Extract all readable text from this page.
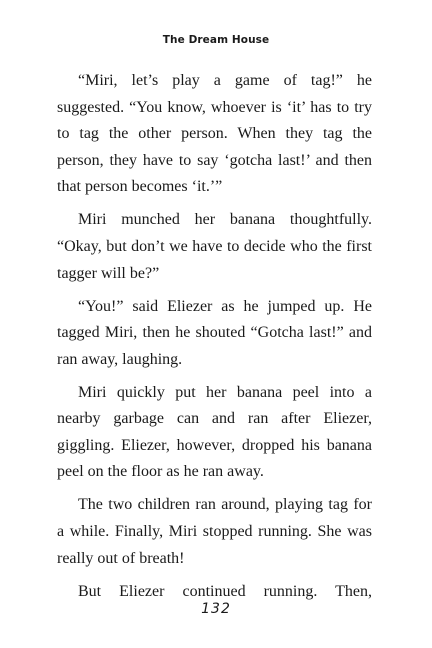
The Dream House

“Miri, let’s play a game of tag!” he suggested. “You know, whoever is ‘it’ has to try to tag the other person. When they tag the person, they have to say ‘gotcha last!’ and then that person becomes ‘it.’”

Miri munched her banana thoughtfully. “Okay, but don’t we have to decide who the first tagger will be?”

“You!” said Eliezer as he jumped up. He tagged Miri, then he shouted “Gotcha last!” and ran away, laughing.

Miri quickly put her banana peel into a nearby garbage can and ran after Eliezer, giggling. Eliezer, however, dropped his banana peel on the floor as he ran away.

The two children ran around, playing tag for a while. Finally, Miri stopped running. She was really out of breath!

But Eliezer continued running. Then,

132
